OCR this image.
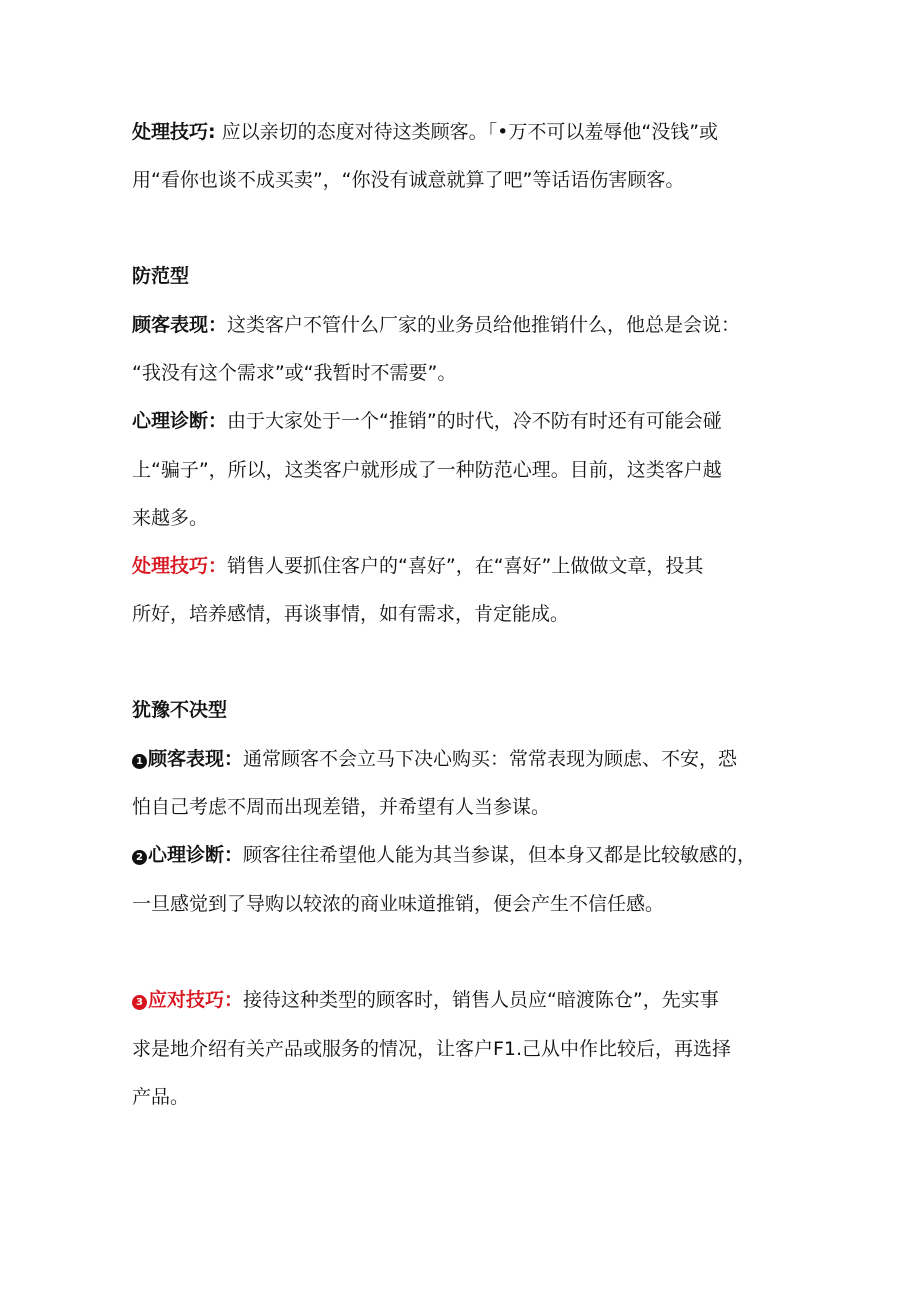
处理技巧: 应以亲切的态度对待这类顾客。「•万不可以羞辱他“没钱”或
用“看你也谈不成买卖”，“你没有诚意就算了吧”等话语伤害顾客。
防范型
顾客表现：这类客户不管什么厂家的业务员给他推销什么，他总是会说：
“我没有这个需求”或“我暂时不需要”。
心理诊断：由于大家处于一个“推销”的时代，冷不防有时还有可能会碰
上“骗子”，所以，这类客户就形成了一种防范心理。目前，这类客户越
来越多。
处理技巧：销售人要抓住客户的“喜好”，在“喜好”上做做文章，投其
所好，培养感情，再谈事情，如有需求，肯定能成。
犹豫不决型
1 顾客表现：通常顾客不会立马下决心购买：常常表现为顾虑、不安，恐
怕自己考虑不周而出现差错，并希望有人当参谋。
2 心理诊断：顾客往往希望他人能为其当参谋，但本身又都是比较敏感的，
一旦感觉到了导购以较浓的商业味道推销，便会产生不信任感。
3 应对技巧：接待这种类型的顾客时，销售人员应“暗渡陈仓”，先实事
求是地介绍有关产品或服务的情况，让客户F1.己从中作比较后，再选择
产品。
